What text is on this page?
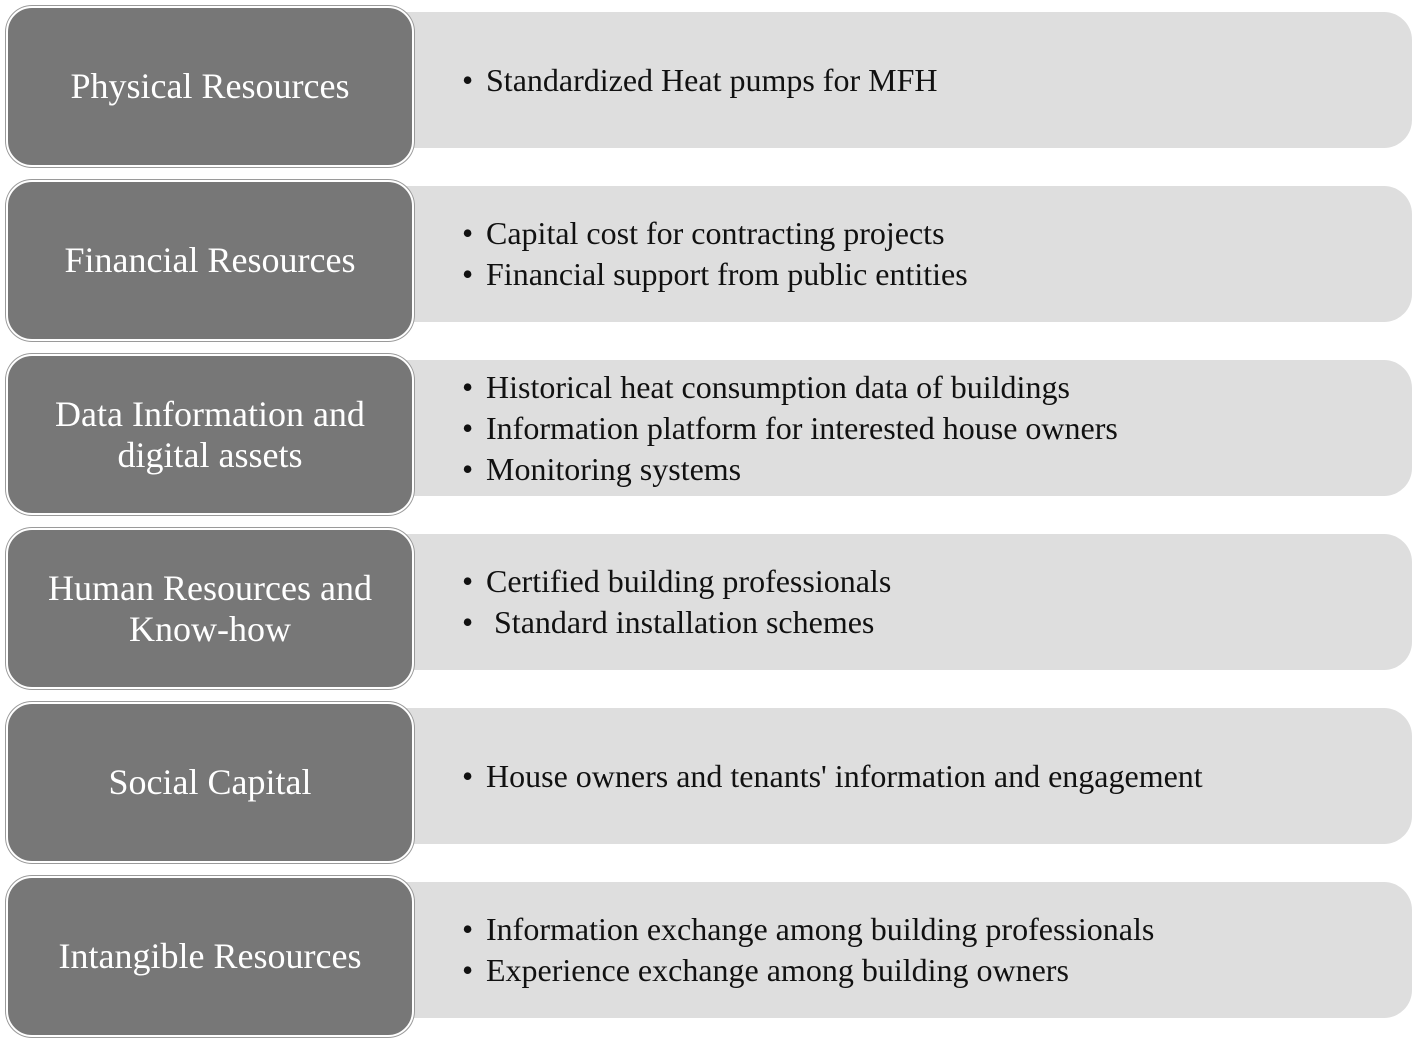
• Standardized Heat pumps for MFH
Physical Resources
• Capital cost for contracting projects
• Financial support from public entities
Financial Resources
• Historical heat consumption data of buildings
• Information platform for interested house owners
• Monitoring systems
Data Information and digital assets
• Certified building professionals
• Standard installation schemes
Human Resources and Know-how
• House owners and tenants' information and engagement
Social Capital
• Information exchange among building professionals
• Experience exchange among building owners
Intangible Resources
